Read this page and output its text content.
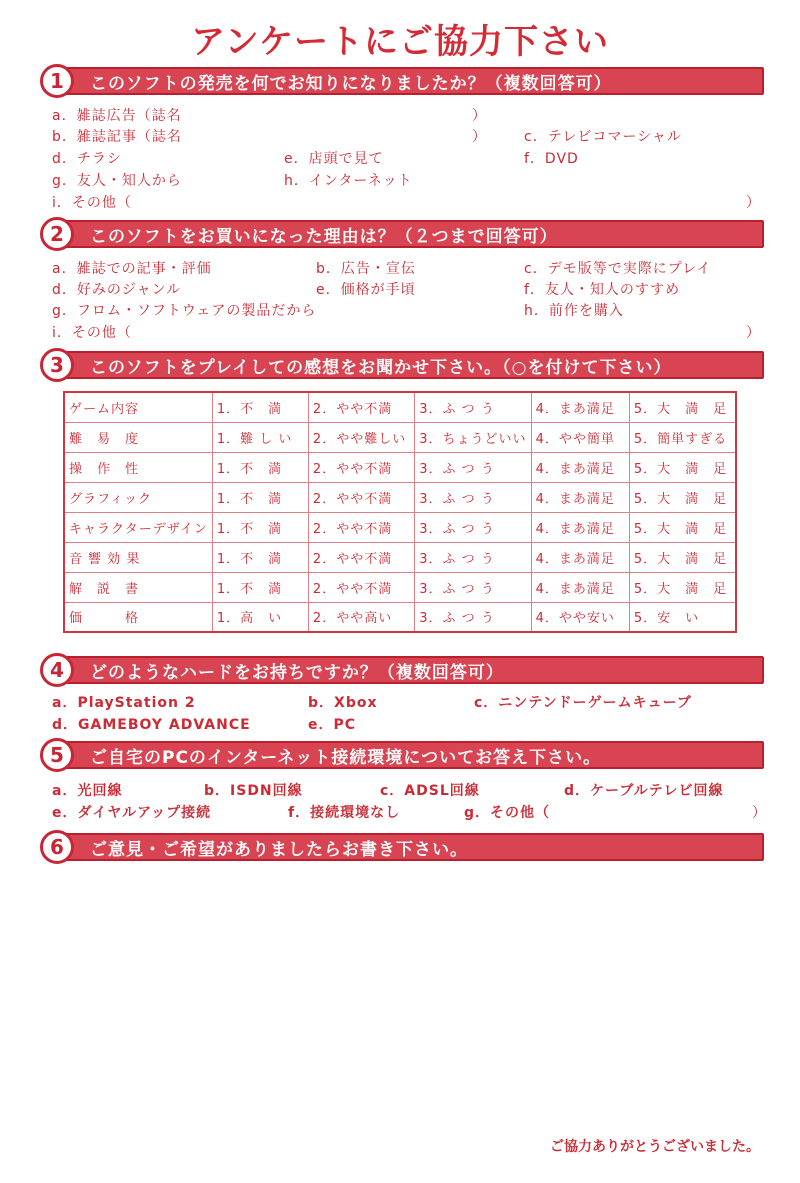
アンケートにご協力下さい
1	このソフトの発売を何でお知りになりましたか？（複数回答可）
a．雑誌広告（誌名	）
b．雑誌記事（誌名	）	c．テレビコマーシャル
d．チラシ	e．店頭で見て	f．DVD
g．友人・知人から	h．インターネット
i．その他（	）
2	このソフトをお買いになった理由は？（２つまで回答可）
a．雑誌での記事・評価	b．広告・宣伝	c．デモ版等で実際にプレイ
d．好みのジャンル	e．価格が手頃	f．友人・知人のすすめ
g．フロム・ソフトウェアの製品だから	h．前作を購入
i．その他（	）
3	このソフトをプレイしての感想をお聞かせ下さい。（○を付けて下さい）
ゲーム内容	1．不　満	2．やや不満	3．ふ つ う	4．まあ満足	5．大　満　足
難　易　度	1．難 し い	2．やや難しい	3．ちょうどいい	4．やや簡単	5．簡単すぎる
操　作　性	1．不　満	2．やや不満	3．ふ つ う	4．まあ満足	5．大　満　足
グラフィック	1．不　満	2．やや不満	3．ふ つ う	4．まあ満足	5．大　満　足
キャラクターデザイン	1．不　満	2．やや不満	3．ふ つ う	4．まあ満足	5．大　満　足
音 響 効 果	1．不　満	2．やや不満	3．ふ つ う	4．まあ満足	5．大　満　足
解　説　書	1．不　満	2．やや不満	3．ふ つ う	4．まあ満足	5．大　満　足
価　　　格	1．高　い	2．やや高い	3．ふ つ う	4．やや安い	5．安　い
4	どのようなハードをお持ちですか？（複数回答可）
a．PlayStation 2	b．Xbox	c．ニンテンドーゲームキューブ
d．GAMEBOY ADVANCE	e．PC
5	ご自宅のPCのインターネット接続環境についてお答え下さい。
a．光回線	b．ISDN回線	c．ADSL回線	d．ケーブルテレビ回線
e．ダイヤルアップ接続	f．接続環境なし	g．その他（	）
6	ご意見・ご希望がありましたらお書き下さい。
ご協力ありがとうございました。
